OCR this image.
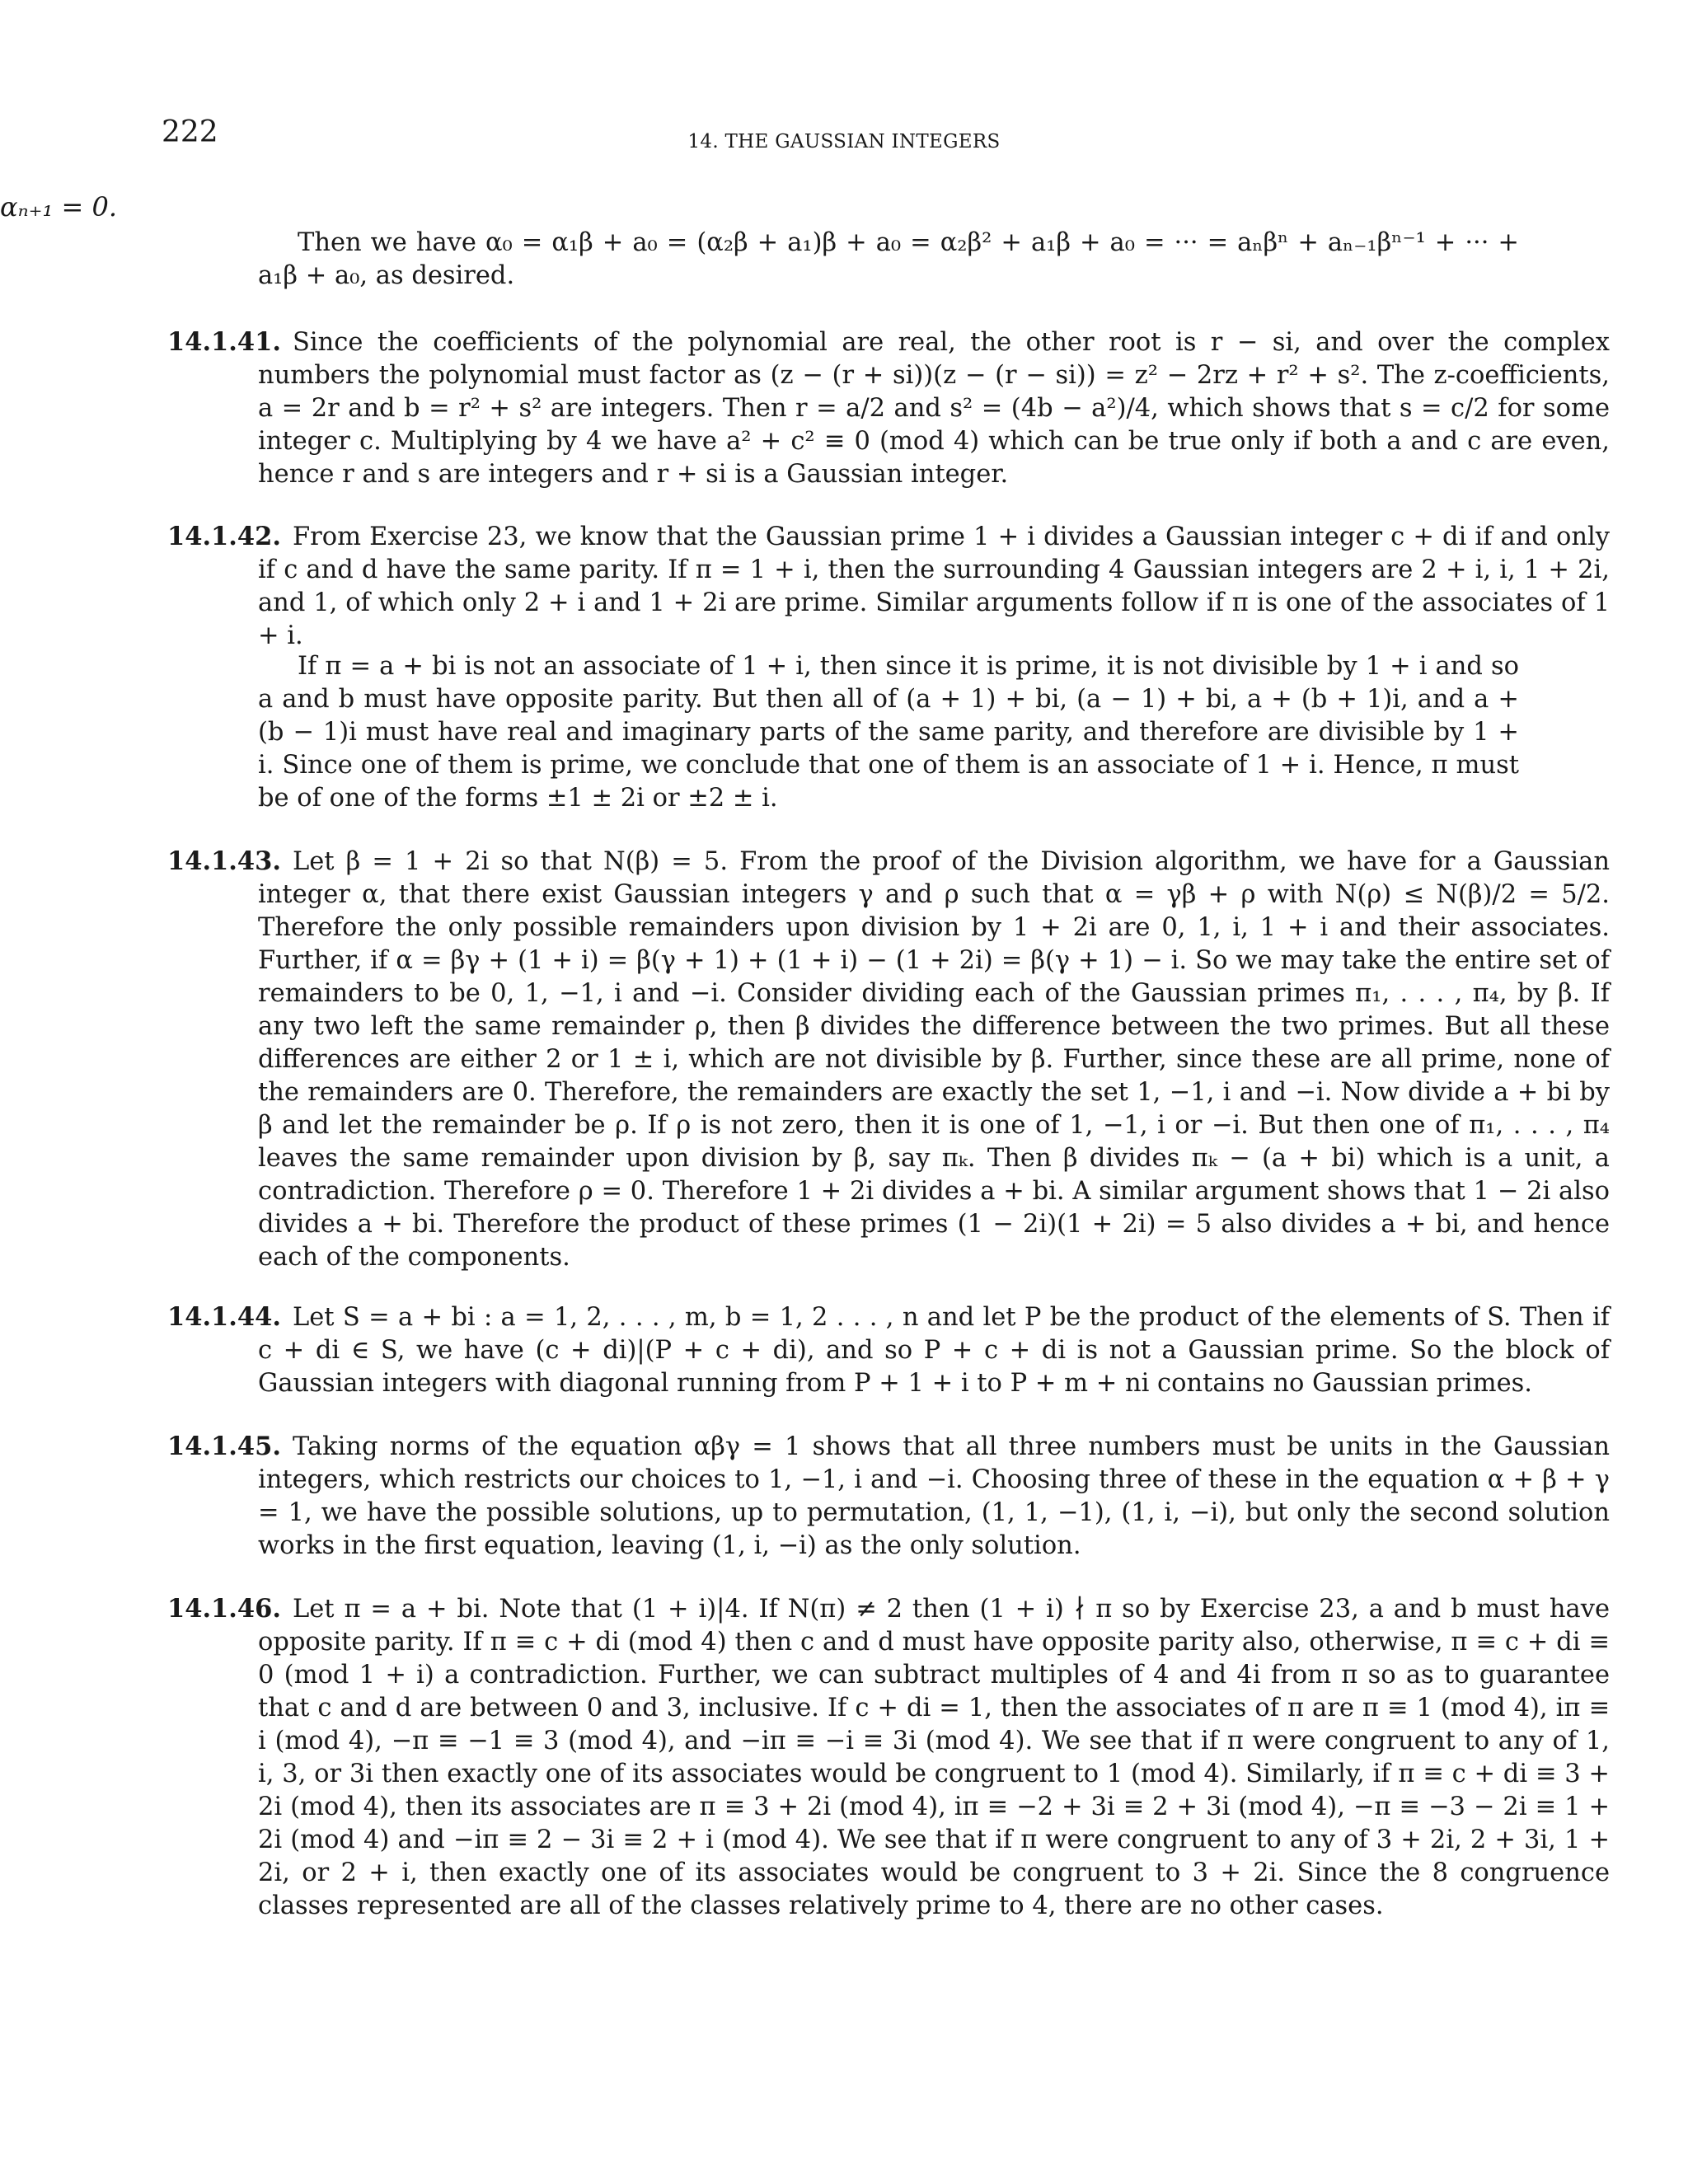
222	14. THE GAUSSIAN INTEGERS
αₙ₊₁ = 0.

Then we have α₀ = α₁β + a₀ = (α₂β + a₁)β + a₀ = α₂β² + a₁β + a₀ = ··· = aₙβⁿ + aₙ₋₁βⁿ⁻¹ + ··· + a₁β + a₀, as desired.

14.1.41. Since the coefficients of the polynomial are real, the other root is r − si, and over the complex numbers the polynomial must factor as (z − (r + si))(z − (r − si)) = z² − 2rz + r² + s². The z-coefficients, a = 2r and b = r² + s² are integers. Then r = a/2 and s² = (4b − a²)/4, which shows that s = c/2 for some integer c. Multiplying by 4 we have a² + c² ≡ 0 (mod 4) which can be true only if both a and c are even, hence r and s are integers and r + si is a Gaussian integer.

14.1.42. From Exercise 23, we know that the Gaussian prime 1 + i divides a Gaussian integer c + di if and only if c and d have the same parity. If π = 1 + i, then the surrounding 4 Gaussian integers are 2 + i, i, 1 + 2i, and 1, of which only 2 + i and 1 + 2i are prime. Similar arguments follow if π is one of the associates of 1 + i.

If π = a + bi is not an associate of 1 + i, then since it is prime, it is not divisible by 1 + i and so a and b must have opposite parity. But then all of (a + 1) + bi, (a − 1) + bi, a + (b + 1)i, and a + (b − 1)i must have real and imaginary parts of the same parity, and therefore are divisible by 1 + i. Since one of them is prime, we conclude that one of them is an associate of 1 + i. Hence, π must be of one of the forms ±1 ± 2i or ±2 ± i.

14.1.43. Let β = 1 + 2i so that N(β) = 5. From the proof of the Division algorithm, we have for a Gaussian integer α, that there exist Gaussian integers γ and ρ such that α = γβ + ρ with N(ρ) ≤ N(β)/2 = 5/2. Therefore the only possible remainders upon division by 1 + 2i are 0, 1, i, 1 + i and their associates. Further, if α = βγ + (1 + i) = β(γ + 1) + (1 + i) − (1 + 2i) = β(γ + 1) − i. So we may take the entire set of remainders to be 0, 1, −1, i and −i. Consider dividing each of the Gaussian primes π₁, . . . , π₄, by β. If any two left the same remainder ρ, then β divides the difference between the two primes. But all these differences are either 2 or 1 ± i, which are not divisible by β. Further, since these are all prime, none of the remainders are 0. Therefore, the remainders are exactly the set 1, −1, i and −i. Now divide a + bi by β and let the remainder be ρ. If ρ is not zero, then it is one of 1, −1, i or −i. But then one of π₁, . . . , π₄ leaves the same remainder upon division by β, say πₖ. Then β divides πₖ − (a + bi) which is a unit, a contradiction. Therefore ρ = 0. Therefore 1 + 2i divides a + bi. A similar argument shows that 1 − 2i also divides a + bi. Therefore the product of these primes (1 − 2i)(1 + 2i) = 5 also divides a + bi, and hence each of the components.

14.1.44. Let S = a + bi : a = 1, 2, . . . , m, b = 1, 2 . . . , n and let P be the product of the elements of S. Then if c + di ∈ S, we have (c + di)|(P + c + di), and so P + c + di is not a Gaussian prime. So the block of Gaussian integers with diagonal running from P + 1 + i to P + m + ni contains no Gaussian primes.

14.1.45. Taking norms of the equation αβγ = 1 shows that all three numbers must be units in the Gaussian integers, which restricts our choices to 1, −1, i and −i. Choosing three of these in the equation α + β + γ = 1, we have the possible solutions, up to permutation, (1, 1, −1), (1, i, −i), but only the second solution works in the first equation, leaving (1, i, −i) as the only solution.

14.1.46. Let π = a + bi. Note that (1 + i)|4. If N(π) ≠ 2 then (1 + i) ∤ π so by Exercise 23, a and b must have opposite parity. If π ≡ c + di (mod 4) then c and d must have opposite parity also, otherwise, π ≡ c + di ≡ 0 (mod 1 + i) a contradiction. Further, we can subtract multiples of 4 and 4i from π so as to guarantee that c and d are between 0 and 3, inclusive. If c + di = 1, then the associates of π are π ≡ 1 (mod 4), iπ ≡ i (mod 4), −π ≡ −1 ≡ 3 (mod 4), and −iπ ≡ −i ≡ 3i (mod 4). We see that if π were congruent to any of 1, i, 3, or 3i then exactly one of its associates would be congruent to 1 (mod 4). Similarly, if π ≡ c + di ≡ 3 + 2i (mod 4), then its associates are π ≡ 3 + 2i (mod 4), iπ ≡ −2 + 3i ≡ 2 + 3i (mod 4), −π ≡ −3 − 2i ≡ 1 + 2i (mod 4) and −iπ ≡ 2 − 3i ≡ 2 + i (mod 4). We see that if π were congruent to any of 3 + 2i, 2 + 3i, 1 + 2i, or 2 + i, then exactly one of its associates would be congruent to 3 + 2i. Since the 8 congruence classes represented are all of the classes relatively prime to 4, there are no other cases.
